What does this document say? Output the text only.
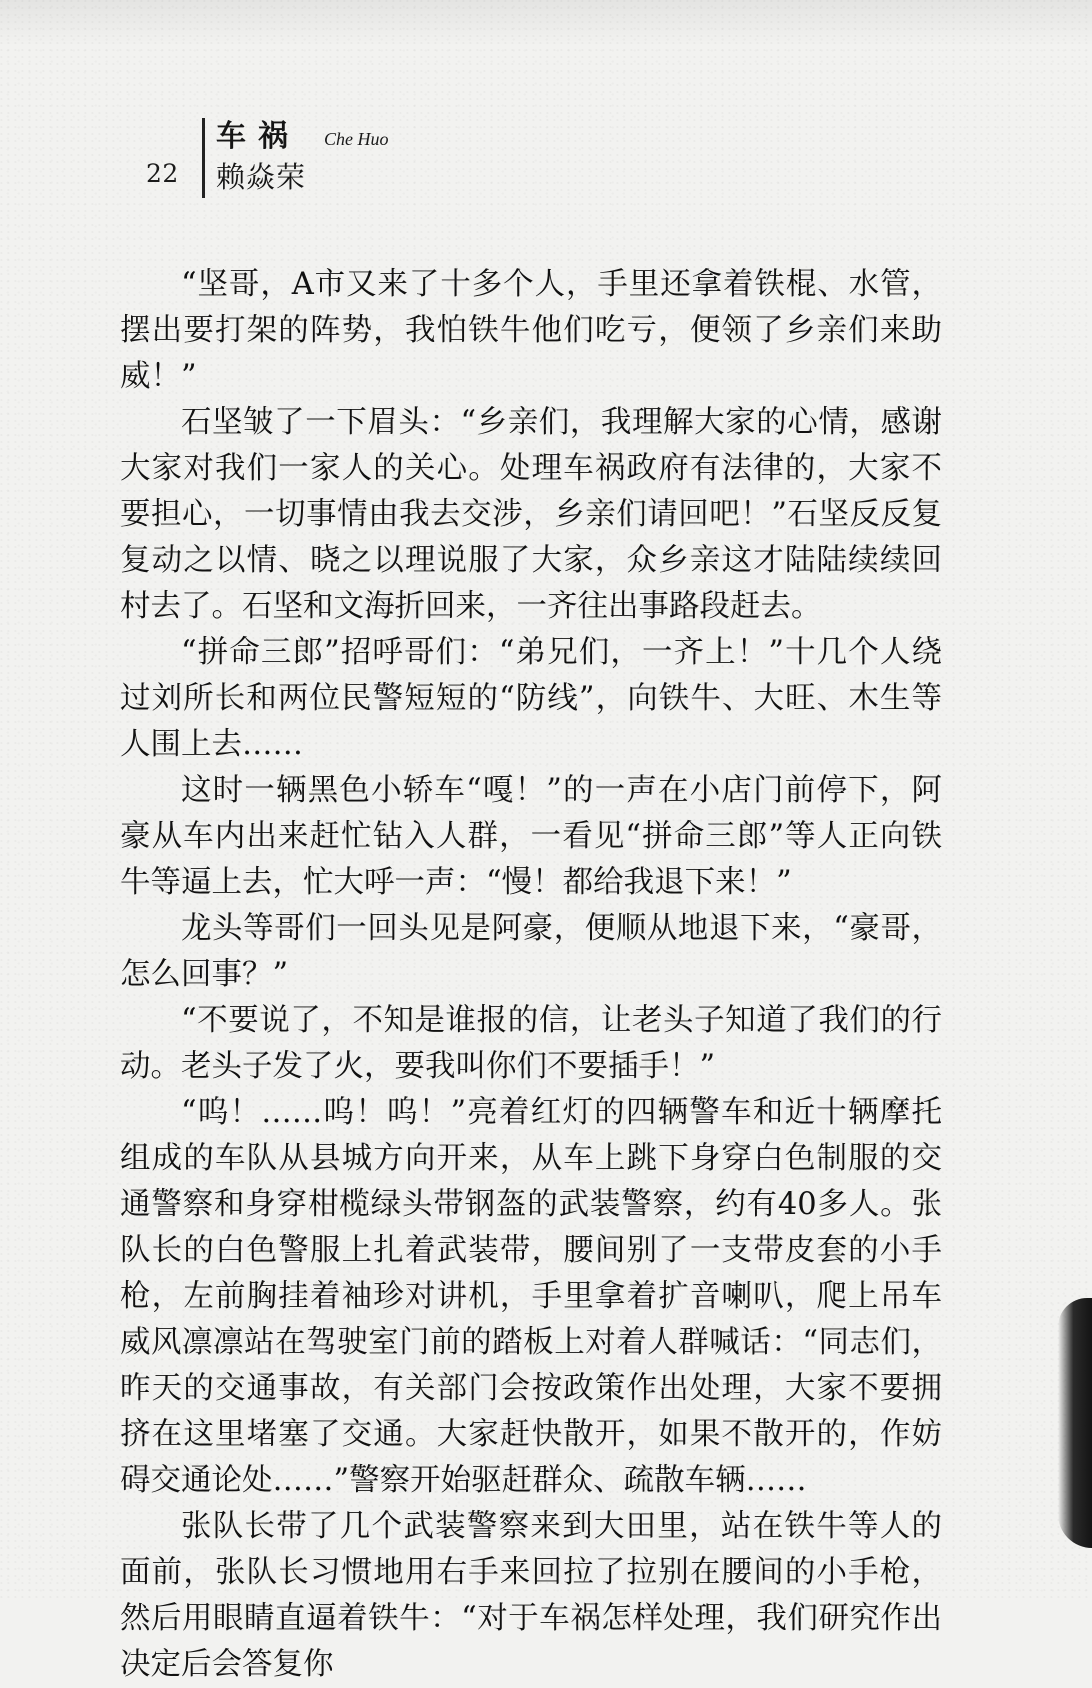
22
车祸 Che Huo
赖焱荣

“坚哥，A市又来了十多个人，手里还拿着铁棍、水管，摆出要打架的阵势，我怕铁牛他们吃亏，便领了乡亲们来助威！”

石坚皱了一下眉头：“乡亲们，我理解大家的心情，感谢大家对我们一家人的关心。处理车祸政府有法律的，大家不要担心，一切事情由我去交涉，乡亲们请回吧！”石坚反反复复动之以情、晓之以理说服了大家，众乡亲这才陆陆续续回村去了。石坚和文海折回来，一齐往出事路段赶去。

“拼命三郎”招呼哥们：“弟兄们，一齐上！”十几个人绕过刘所长和两位民警短短的“防线”，向铁牛、大旺、木生等人围上去……

这时一辆黑色小轿车“嘎！”的一声在小店门前停下，阿豪从车内出来赶忙钻入人群，一看见“拼命三郎”等人正向铁牛等逼上去，忙大呼一声：“慢！都给我退下来！”

龙头等哥们一回头见是阿豪，便顺从地退下来，“豪哥，怎么回事？”

“不要说了，不知是谁报的信，让老头子知道了我们的行动。老头子发了火，要我叫你们不要插手！”

“呜！……呜！呜！”亮着红灯的四辆警车和近十辆摩托组成的车队从县城方向开来，从车上跳下身穿白色制服的交通警察和身穿柑榄绿头带钢盔的武装警察，约有40多人。张队长的白色警服上扎着武装带，腰间别了一支带皮套的小手枪，左前胸挂着袖珍对讲机，手里拿着扩音喇叭，爬上吊车威风凛凛站在驾驶室门前的踏板上对着人群喊话：“同志们，昨天的交通事故，有关部门会按政策作出处理，大家不要拥挤在这里堵塞了交通。大家赶快散开，如果不散开的，作妨碍交通论处……”警察开始驱赶群众、疏散车辆……

张队长带了几个武装警察来到大田里，站在铁牛等人的面前，张队长习惯地用右手来回拉了拉别在腰间的小手枪，然后用眼睛直逼着铁牛：“对于车祸怎样处理，我们研究作出决定后会答复你
